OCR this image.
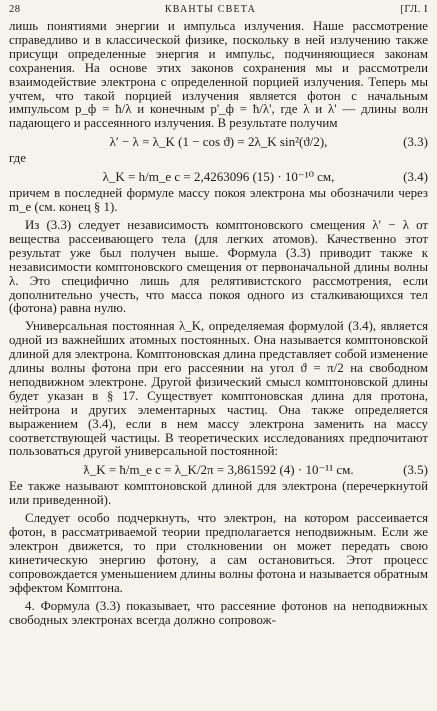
28	КВАНТЫ СВЕТА	[ГЛ. I

лишь понятиями энергии и импульса излучения. Наше рассмотрение справедливо и в классической физике, поскольку в ней излучению также присущи определенные энергия и импульс, подчиняющиеся законам сохранения. На основе этих законов сохранения мы и рассмотрели взаимодействие электрона с определенной порцией излучения. Теперь мы учтем, что такой порцией излучения является фотон с начальным импульсом p_ф = ħ/λ и конечным p'_ф = ħ/λ', где λ и λ' — длины волн падающего и рассеянного излучения. В результате получим

λ′ − λ = λ_K (1 − cos ϑ) = 2λ_K sin²(ϑ/2),	(3.3)

где

λ_K = h/m_e c = 2,4263096 (15) · 10⁻¹⁰ см,	(3.4)

причем в последней формуле массу покоя электрона мы обозначили через m_e (см. конец § 1).

Из (3.3) следует независимость комптоновского смещения λ′ − λ от вещества рассеивающего тела (для легких атомов). Качественно этот результат уже был получен выше. Формула (3.3) приводит также к независимости комптоновского смещения от первоначальной длины волны λ. Это специфично лишь для релятивистского рассмотрения, если дополнительно учесть, что масса покоя одного из сталкивающихся тел (фотона) равна нулю.

Универсальная постоянная λ_K, определяемая формулой (3.4), является одной из важнейших атомных постоянных. Она называется комптоновской длиной для электрона. Комптоновская длина представляет собой изменение длины волны фотона при его рассеянии на угол ϑ = π/2 на свободном неподвижном электроне. Другой физический смысл комптоновской длины будет указан в § 17. Существует комптоновская длина для протона, нейтрона и других элементарных частиц. Она также определяется выражением (3.4), если в нем массу электрона заменить на массу соответствующей частицы. В теоретических исследованиях предпочитают пользоваться другой универсальной постоянной:

ƛ_K = ħ/m_e c = λ_K/2π = 3,861592 (4) · 10⁻¹¹ см.	(3.5)

Ее также называют комптоновской длиной для электрона (перечеркнутой или приведенной).

Следует особо подчеркнуть, что электрон, на котором рассеивается фотон, в рассматриваемой теории предполагается неподвижным. Если же электрон движется, то при столкновении он может передать свою кинетическую энергию фотону, а сам остановиться. Этот процесс сопровождается уменьшением длины волны фотона и называется обратным эффектом Комптона.

4. Формула (3.3) показывает, что рассеяние фотонов на неподвижных свободных электронах всегда должно сопровож-
